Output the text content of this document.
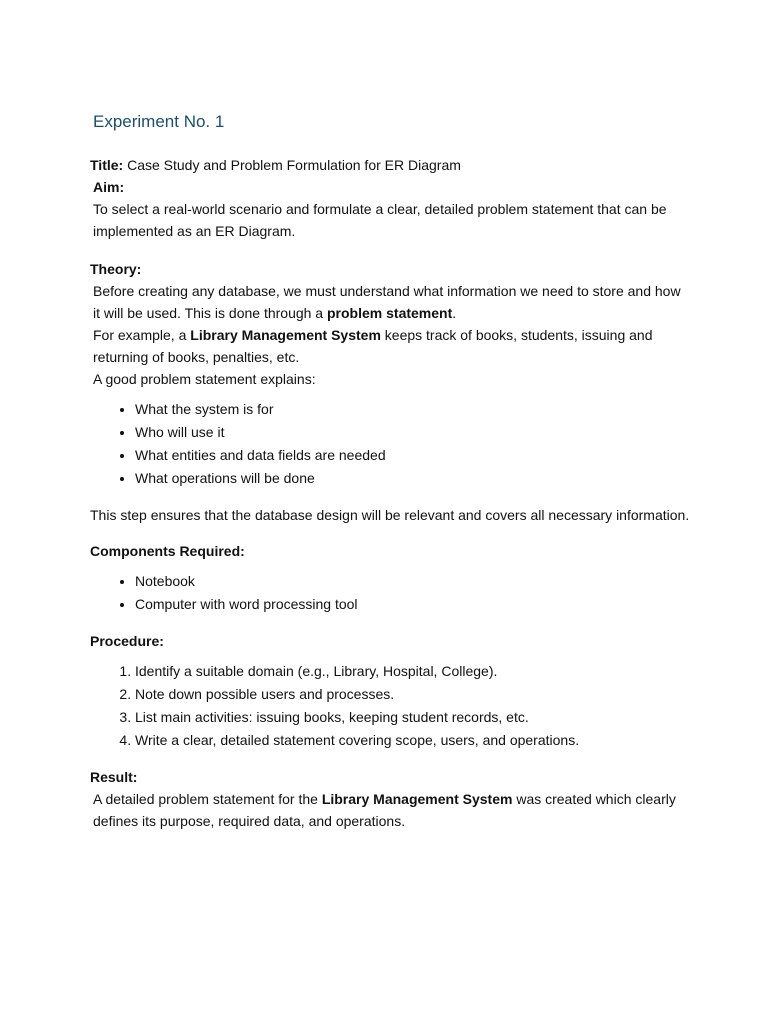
Experiment No. 1

Title: Case Study and Problem Formulation for ER Diagram

Aim:

To select a real-world scenario and formulate a clear, detailed problem statement that can be implemented as an ER Diagram.

Theory:

Before creating any database, we must understand what information we need to store and how it will be used. This is done through a problem statement.

For example, a Library Management System keeps track of books, students, issuing and returning of books, penalties, etc.

A good problem statement explains:

• What the system is for
• Who will use it
• What entities and data fields are needed
• What operations will be done

This step ensures that the database design will be relevant and covers all necessary information.

Components Required:

• Notebook
• Computer with word processing tool

Procedure:

1. Identify a suitable domain (e.g., Library, Hospital, College).
2. Note down possible users and processes.
3. List main activities: issuing books, keeping student records, etc.
4. Write a clear, detailed statement covering scope, users, and operations.

Result:

A detailed problem statement for the Library Management System was created which clearly defines its purpose, required data, and operations.
